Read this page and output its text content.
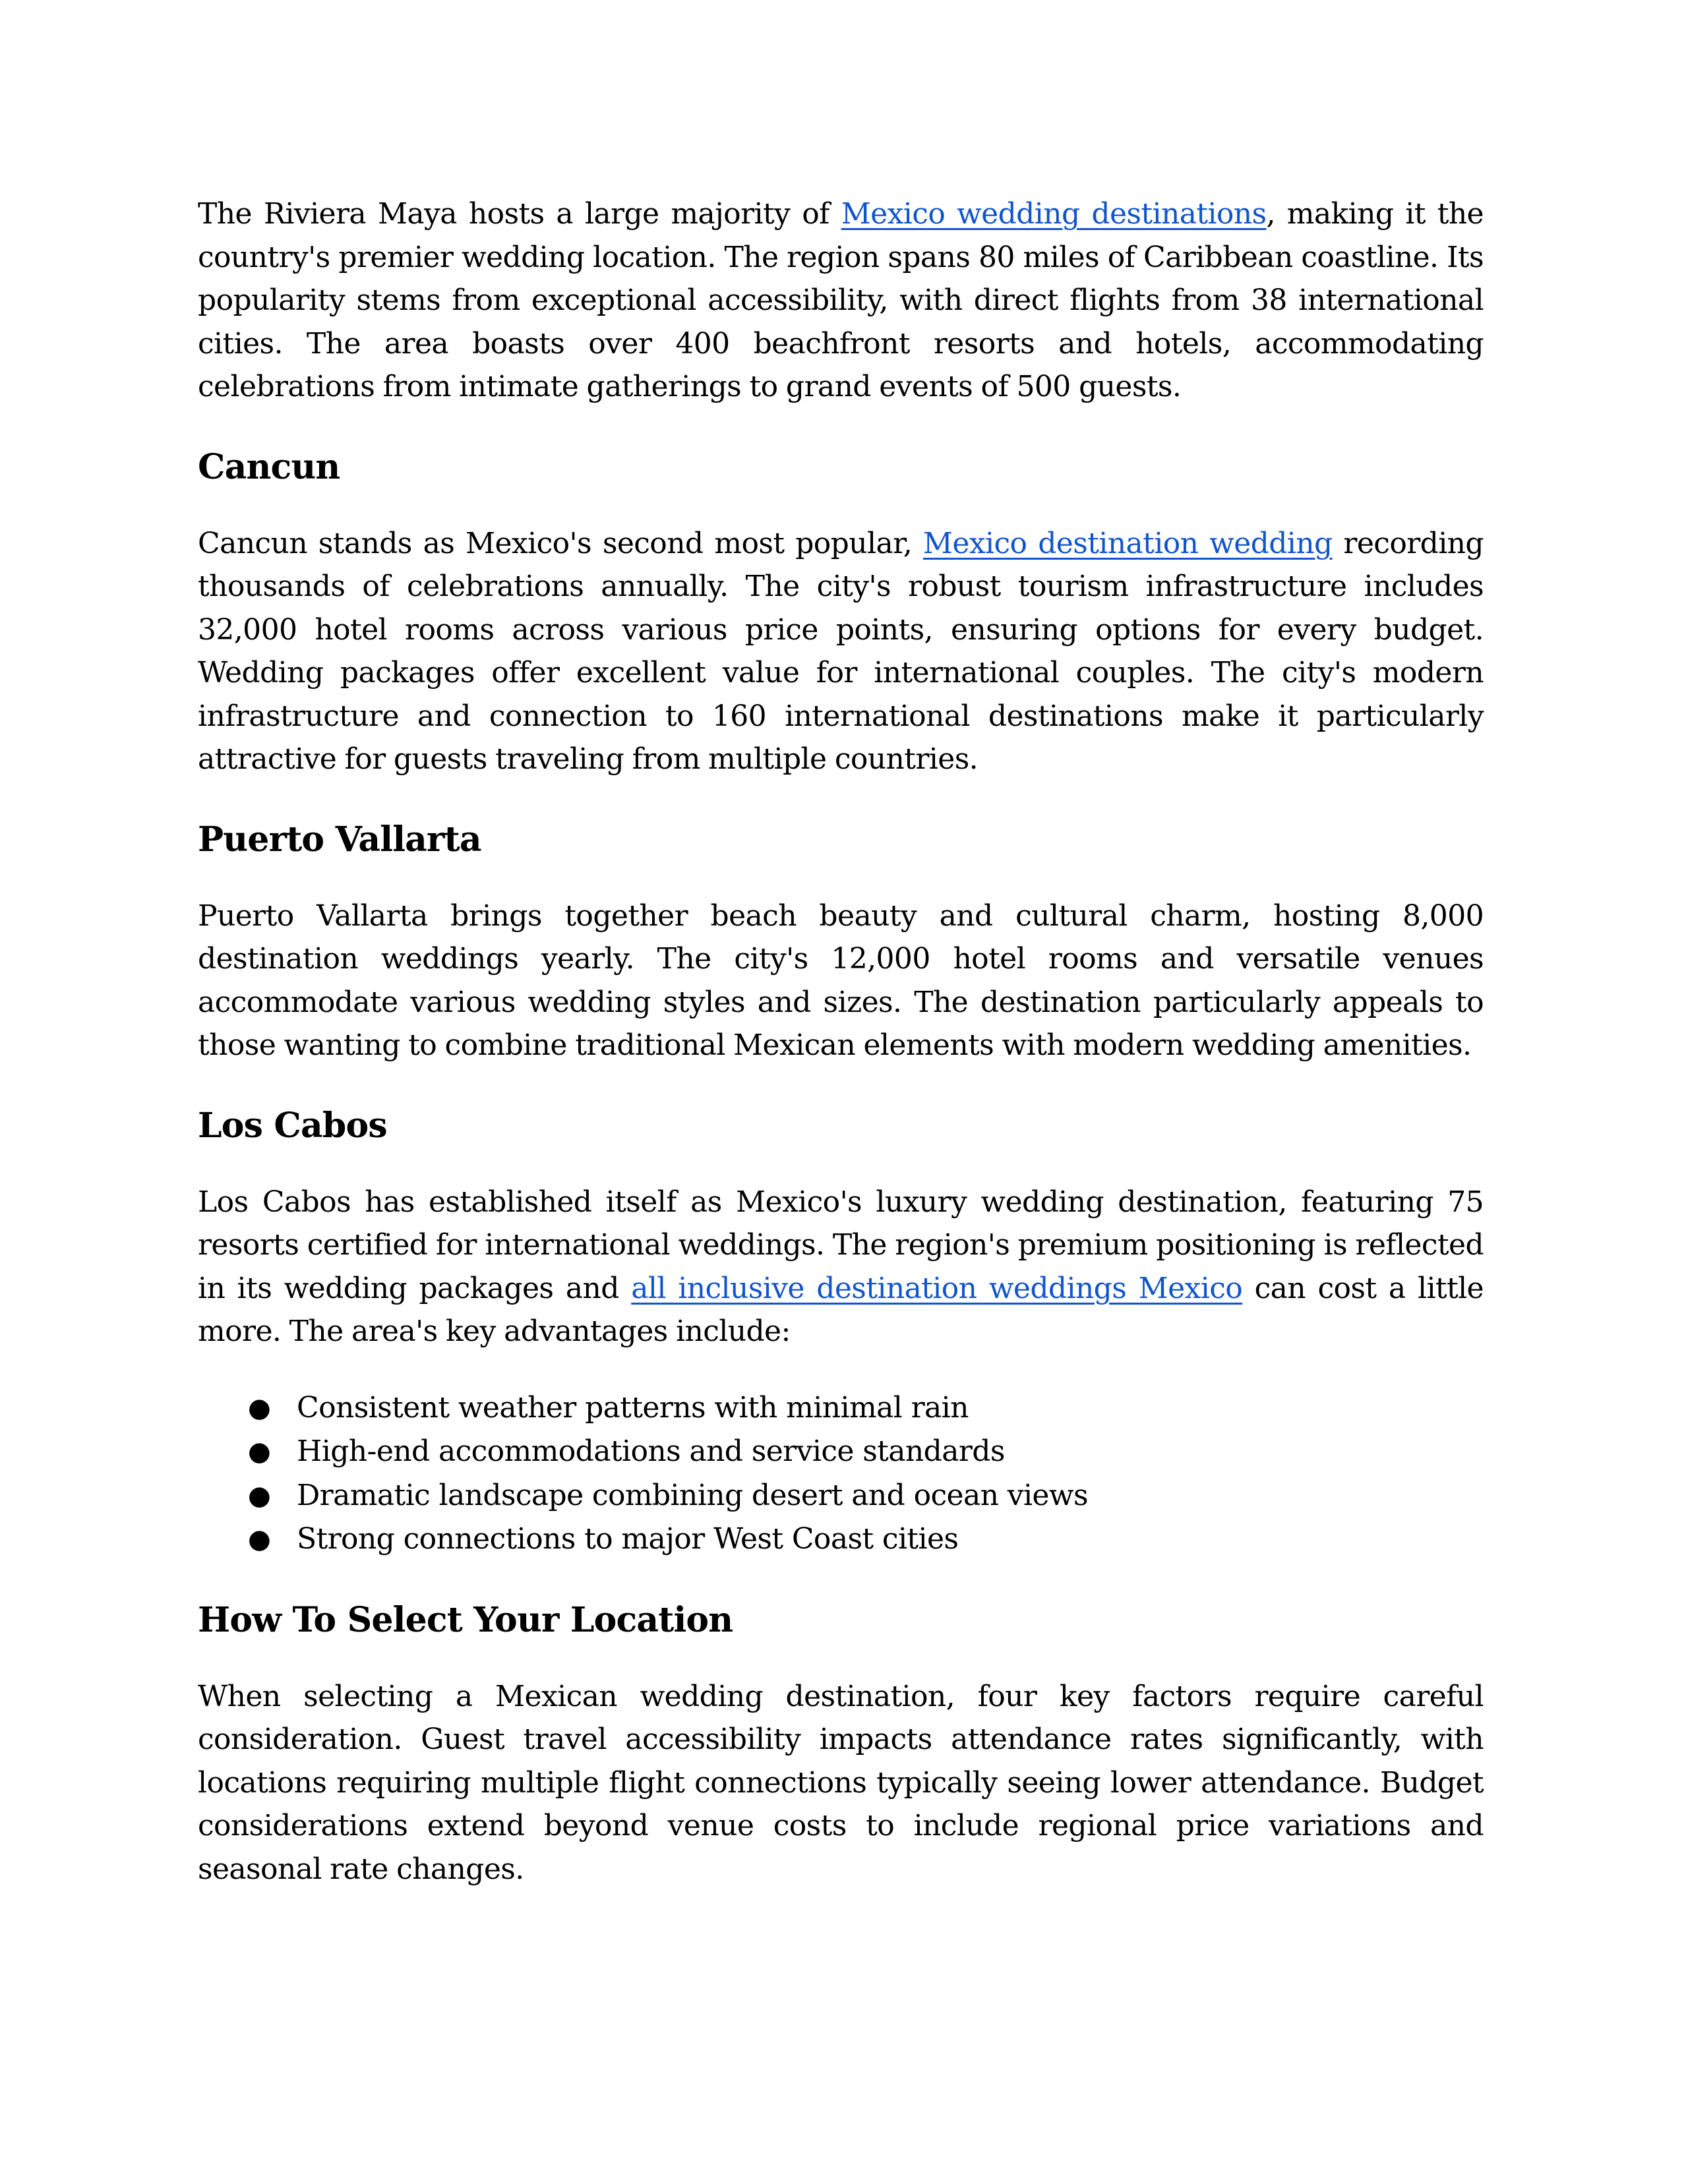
The Riviera Maya hosts a large majority of Mexico wedding destinations, making it the country's premier wedding location. The region spans 80 miles of Caribbean coastline. Its popularity stems from exceptional accessibility, with direct flights from 38 international cities. The area boasts over 400 beachfront resorts and hotels, accommodating celebrations from intimate gatherings to grand events of 500 guests.

Cancun

Cancun stands as Mexico's second most popular, Mexico destination wedding recording thousands of celebrations annually. The city's robust tourism infrastructure includes 32,000 hotel rooms across various price points, ensuring options for every budget. Wedding packages offer excellent value for international couples. The city's modern infrastructure and connection to 160 international destinations make it particularly attractive for guests traveling from multiple countries.

Puerto Vallarta

Puerto Vallarta brings together beach beauty and cultural charm, hosting 8,000 destination weddings yearly. The city's 12,000 hotel rooms and versatile venues accommodate various wedding styles and sizes. The destination particularly appeals to those wanting to combine traditional Mexican elements with modern wedding amenities.

Los Cabos

Los Cabos has established itself as Mexico's luxury wedding destination, featuring 75 resorts certified for international weddings. The region's premium positioning is reflected in its wedding packages and all inclusive destination weddings Mexico can cost a little more. The area's key advantages include:

● Consistent weather patterns with minimal rain
● High-end accommodations and service standards
● Dramatic landscape combining desert and ocean views
● Strong connections to major West Coast cities
How To Select Your Location

When selecting a Mexican wedding destination, four key factors require careful consideration. Guest travel accessibility impacts attendance rates significantly, with locations requiring multiple flight connections typically seeing lower attendance. Budget considerations extend beyond venue costs to include regional price variations and seasonal rate changes.
